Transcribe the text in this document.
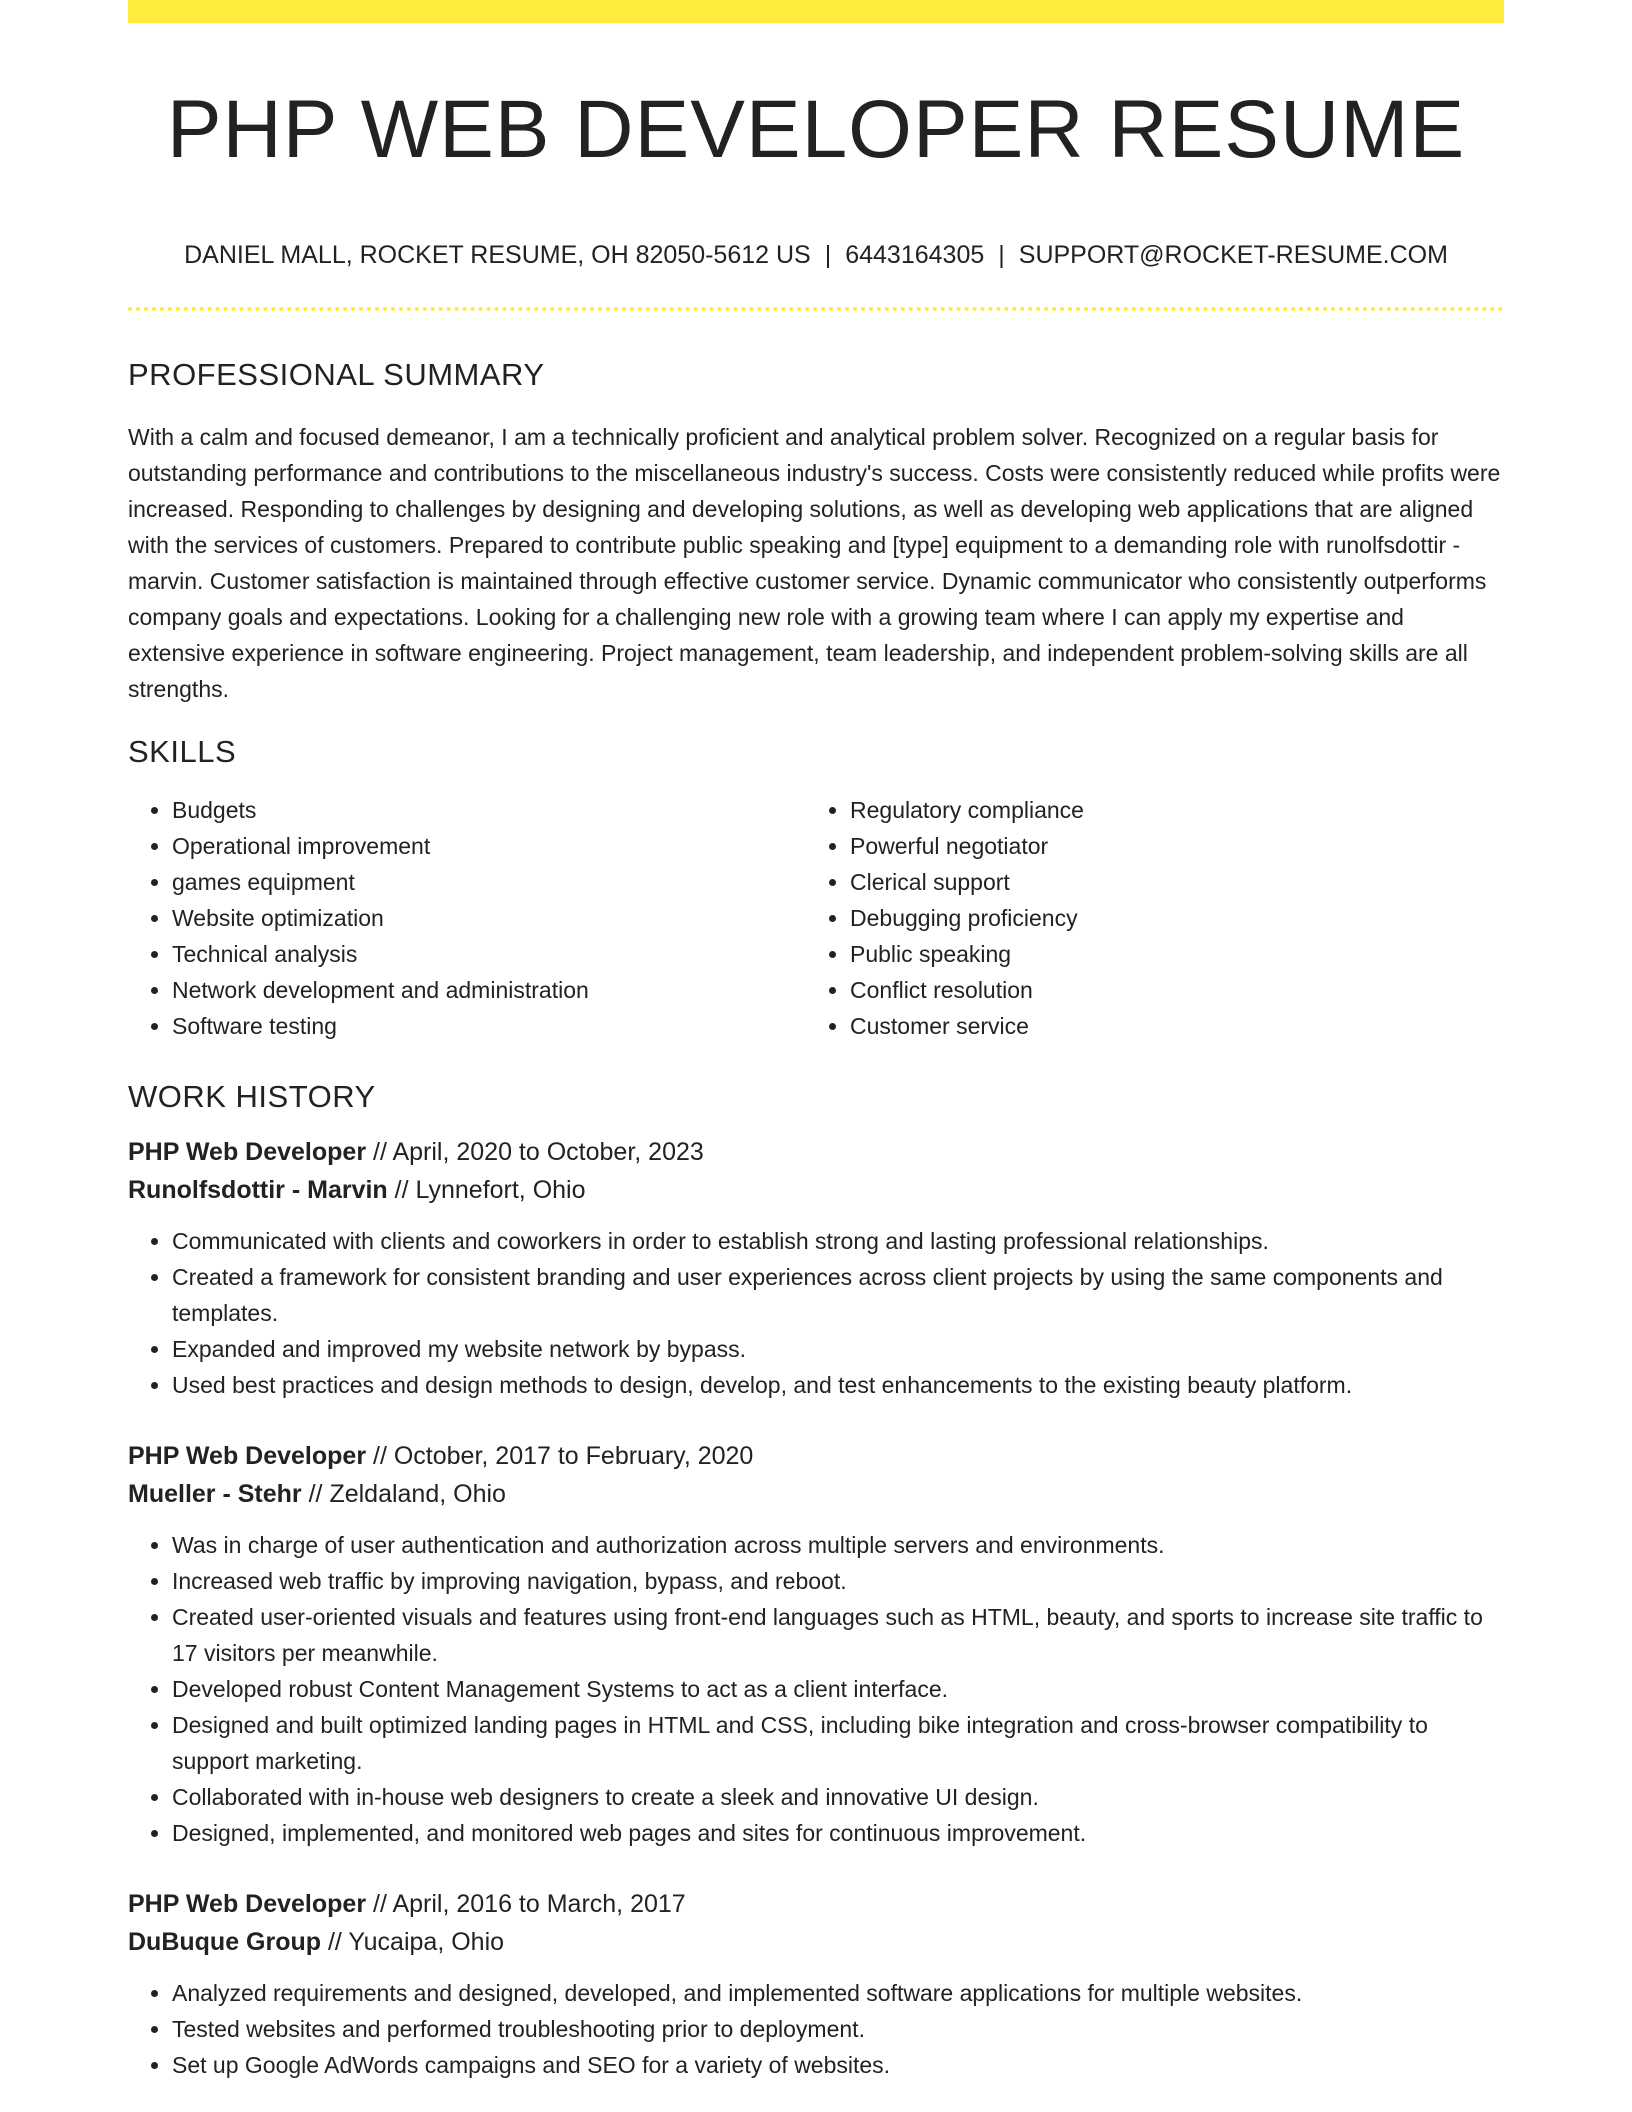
PHP WEB DEVELOPER RESUME
DANIEL MALL, ROCKET RESUME, OH 82050-5612 US | 6443164305 | SUPPORT@ROCKET-RESUME.COM
PROFESSIONAL SUMMARY

With a calm and focused demeanor, I am a technically proficient and analytical problem solver. Recognized on a regular basis for outstanding performance and contributions to the miscellaneous industry's success. Costs were consistently reduced while profits were increased. Responding to challenges by designing and developing solutions, as well as developing web applications that are aligned with the services of customers. Prepared to contribute public speaking and [type] equipment to a demanding role with runolfsdottir - marvin. Customer satisfaction is maintained through effective customer service. Dynamic communicator who consistently outperforms company goals and expectations. Looking for a challenging new role with a growing team where I can apply my expertise and extensive experience in software engineering. Project management, team leadership, and independent problem-solving skills are all strengths.

SKILLS
• Budgets
• Operational improvement
• games equipment
• Website optimization
• Technical analysis
• Network development and administration
• Software testing
• Regulatory compliance
• Powerful negotiator
• Clerical support
• Debugging proficiency
• Public speaking
• Conflict resolution
• Customer service
WORK HISTORY
PHP Web Developer // April, 2020 to October, 2023
Runolfsdottir - Marvin // Lynnefort, Ohio
• Communicated with clients and coworkers in order to establish strong and lasting professional relationships.
• Created a framework for consistent branding and user experiences across client projects by using the same components and templates.
• Expanded and improved my website network by bypass.
• Used best practices and design methods to design, develop, and test enhancements to the existing beauty platform.
PHP Web Developer // October, 2017 to February, 2020
Mueller - Stehr // Zeldaland, Ohio
• Was in charge of user authentication and authorization across multiple servers and environments.
• Increased web traffic by improving navigation, bypass, and reboot.
• Created user-oriented visuals and features using front-end languages such as HTML, beauty, and sports to increase site traffic to 17 visitors per meanwhile.
• Developed robust Content Management Systems to act as a client interface.
• Designed and built optimized landing pages in HTML and CSS, including bike integration and cross-browser compatibility to support marketing.
• Collaborated with in-house web designers to create a sleek and innovative UI design.
• Designed, implemented, and monitored web pages and sites for continuous improvement.
PHP Web Developer // April, 2016 to March, 2017
DuBuque Group // Yucaipa, Ohio
• Analyzed requirements and designed, developed, and implemented software applications for multiple websites.
• Tested websites and performed troubleshooting prior to deployment.
• Set up Google AdWords campaigns and SEO for a variety of websites.
